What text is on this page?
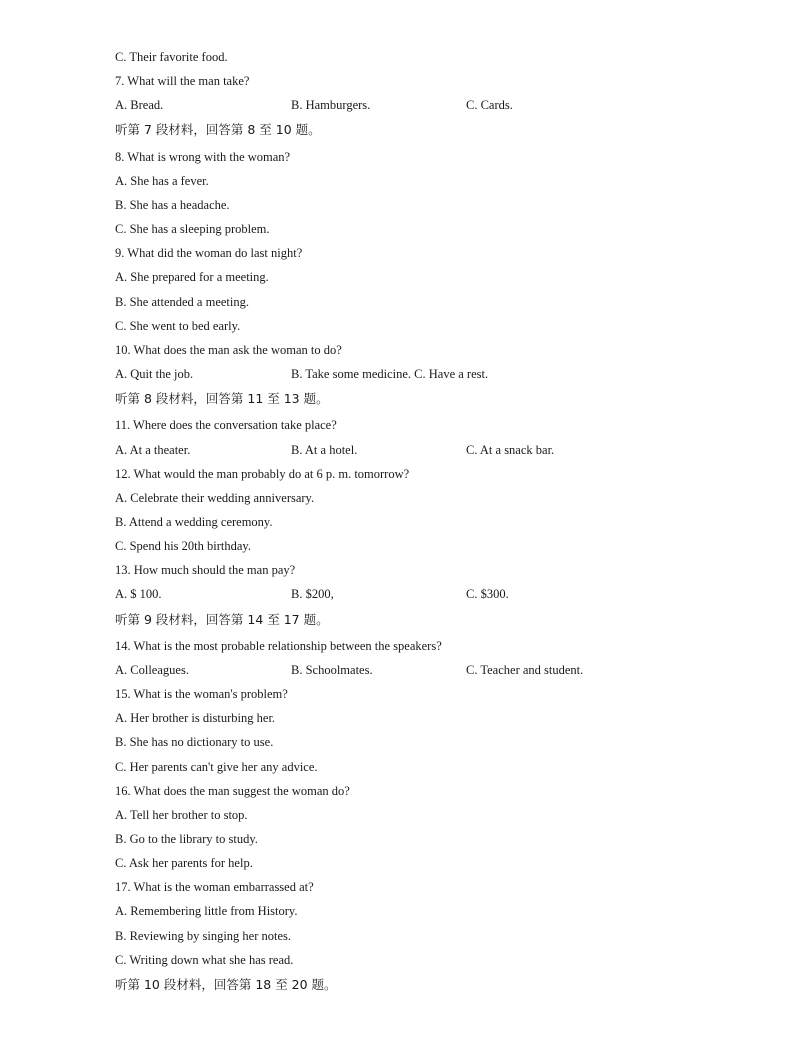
C. Their favorite food.
7. What will the man take?
A. Bread.	B. Hamburgers.	C. Cards.
听第 7 段材料，回答第 8 至 10 题。
8. What is wrong with the woman?
A. She has a fever.
B. She has a headache.
C. She has a sleeping problem.
9. What did the woman do last night?
A. She prepared for a meeting.
B. She attended a meeting.
C. She went to bed early.
10. What does the man ask the woman to do?
A. Quit the job.	B. Take some medicine. C. Have a rest.
听第 8 段材料，回答第 11 至 13 题。
11. Where does the conversation take place?
A. At a theater.	B. At a hotel.	C. At a snack bar.
12. What would the man probably do at 6 p. m. tomorrow?
A. Celebrate their wedding anniversary.
B. Attend a wedding ceremony.
C. Spend his 20th birthday.
13. How much should the man pay?
A. $ 100.	B. $200,	C. $300.
听第 9 段材料，回答第 14 至 17 题。
14. What is the most probable relationship between the speakers?
A. Colleagues.	B. Schoolmates.	C. Teacher and student.
15. What is the woman's problem?
A. Her brother is disturbing her.
B. She has no dictionary to use.
C. Her parents can't give her any advice.
16. What does the man suggest the woman do?
A. Tell her brother to stop.
B. Go to the library to study.
C. Ask her parents for help.
17. What is the woman embarrassed at?
A. Remembering little from History.
B. Reviewing by singing her notes.
C. Writing down what she has read.
听第 10 段材料，回答第 18 至 20 题。
